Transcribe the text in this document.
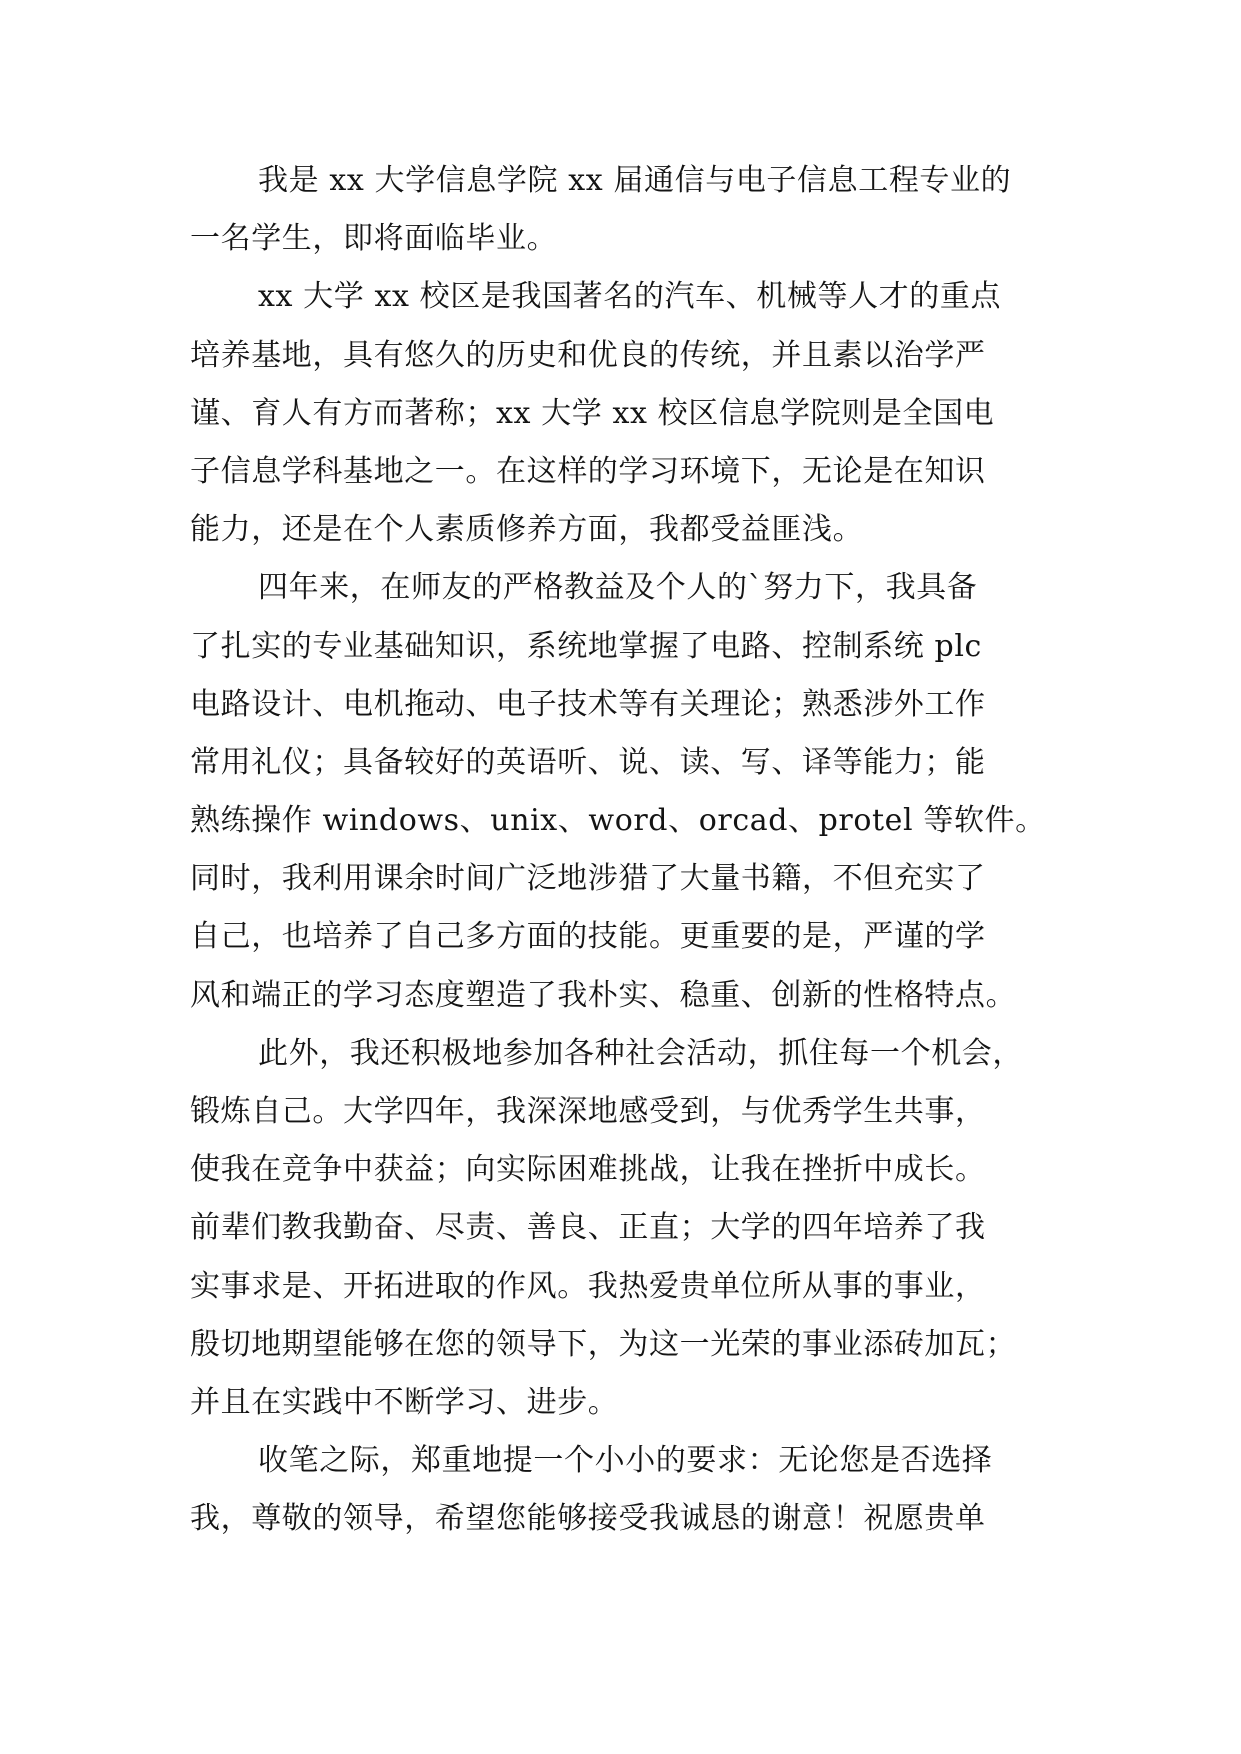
我是 xx 大学信息学院 xx 届通信与电子信息工程专业的
一名学生，即将面临毕业。
xx 大学 xx 校区是我国著名的汽车、机械等人才的重点
培养基地，具有悠久的历史和优良的传统，并且素以治学严
谨、育人有方而著称；xx 大学 xx 校区信息学院则是全国电
子信息学科基地之一。在这样的学习环境下，无论是在知识
能力，还是在个人素质修养方面，我都受益匪浅。
四年来，在师友的严格教益及个人的`努力下，我具备
了扎实的专业基础知识，系统地掌握了电路、控制系统 plc
电路设计、电机拖动、电子技术等有关理论；熟悉涉外工作
常用礼仪；具备较好的英语听、说、读、写、译等能力；能
熟练操作 windows、unix、word、orcad、protel 等软件。
同时，我利用课余时间广泛地涉猎了大量书籍，不但充实了
自己，也培养了自己多方面的技能。更重要的是，严谨的学
风和端正的学习态度塑造了我朴实、稳重、创新的性格特点。
此外，我还积极地参加各种社会活动，抓住每一个机会，
锻炼自己。大学四年，我深深地感受到，与优秀学生共事，
使我在竞争中获益；向实际困难挑战，让我在挫折中成长。
前辈们教我勤奋、尽责、善良、正直；大学的四年培养了我
实事求是、开拓进取的作风。我热爱贵单位所从事的事业，
殷切地期望能够在您的领导下，为这一光荣的事业添砖加瓦；
并且在实践中不断学习、进步。
收笔之际，郑重地提一个小小的要求：无论您是否选择
我，尊敬的领导，希望您能够接受我诚恳的谢意！祝愿贵单
